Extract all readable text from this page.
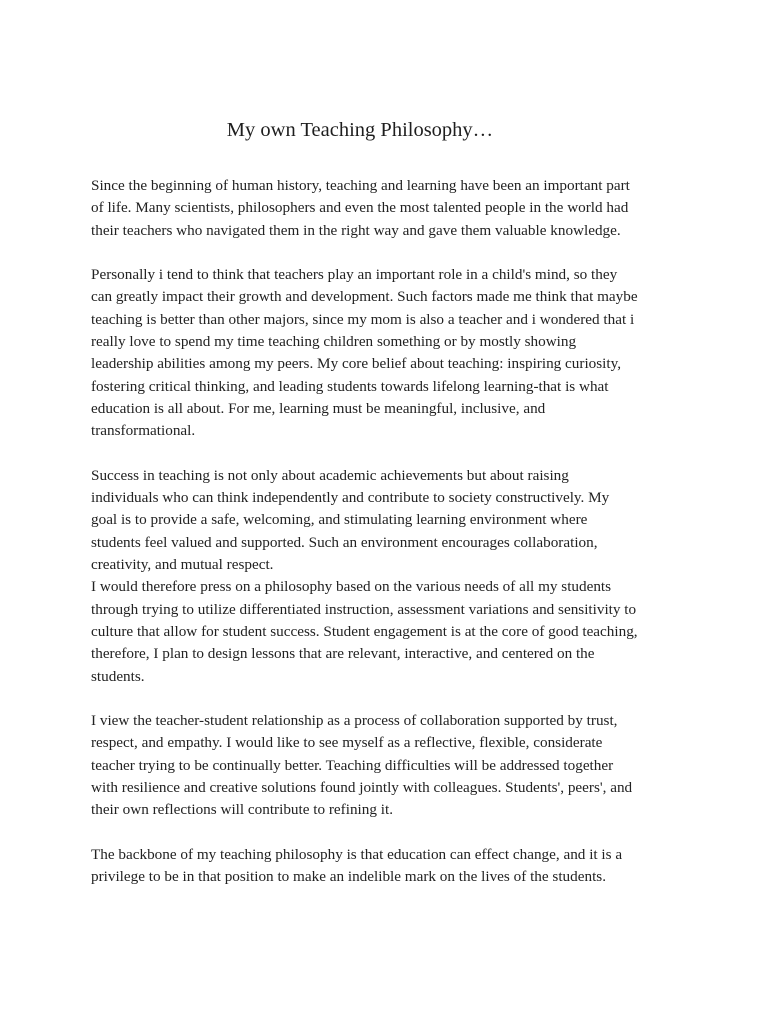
My own Teaching Philosophy…
Since the beginning of human history, teaching and learning have been an important part
of life. Many scientists, philosophers and even the most talented people in the world had
their teachers who navigated them in the right way and gave them valuable knowledge.
Personally i tend to think that teachers play an important role in a child's mind, so they
can greatly impact their growth and development. Such factors made me think that maybe
teaching is better than other majors, since my mom is also a teacher and i wondered that i
really love to spend my time teaching children something or by mostly showing
leadership abilities among my peers. My core belief about teaching: inspiring curiosity,
fostering critical thinking, and leading students towards lifelong learning-that is what
education is all about. For me, learning must be meaningful, inclusive, and
transformational.
Success in teaching is not only about academic achievements but about raising
individuals who can think independently and contribute to society constructively. My
goal is to provide a safe, welcoming, and stimulating learning environment where
students feel valued and supported. Such an environment encourages collaboration,
creativity, and mutual respect.
I would therefore press on a philosophy based on the various needs of all my students
through trying to utilize differentiated instruction, assessment variations and sensitivity to
culture that allow for student success. Student engagement is at the core of good teaching,
therefore, I plan to design lessons that are relevant, interactive, and centered on the
students.
I view the teacher-student relationship as a process of collaboration supported by trust,
respect, and empathy. I would like to see myself as a reflective, flexible, considerate
teacher trying to be continually better. Teaching difficulties will be addressed together
with resilience and creative solutions found jointly with colleagues. Students', peers', and
their own reflections will contribute to refining it.
The backbone of my teaching philosophy is that education can effect change, and it is a
privilege to be in that position to make an indelible mark on the lives of the students.
